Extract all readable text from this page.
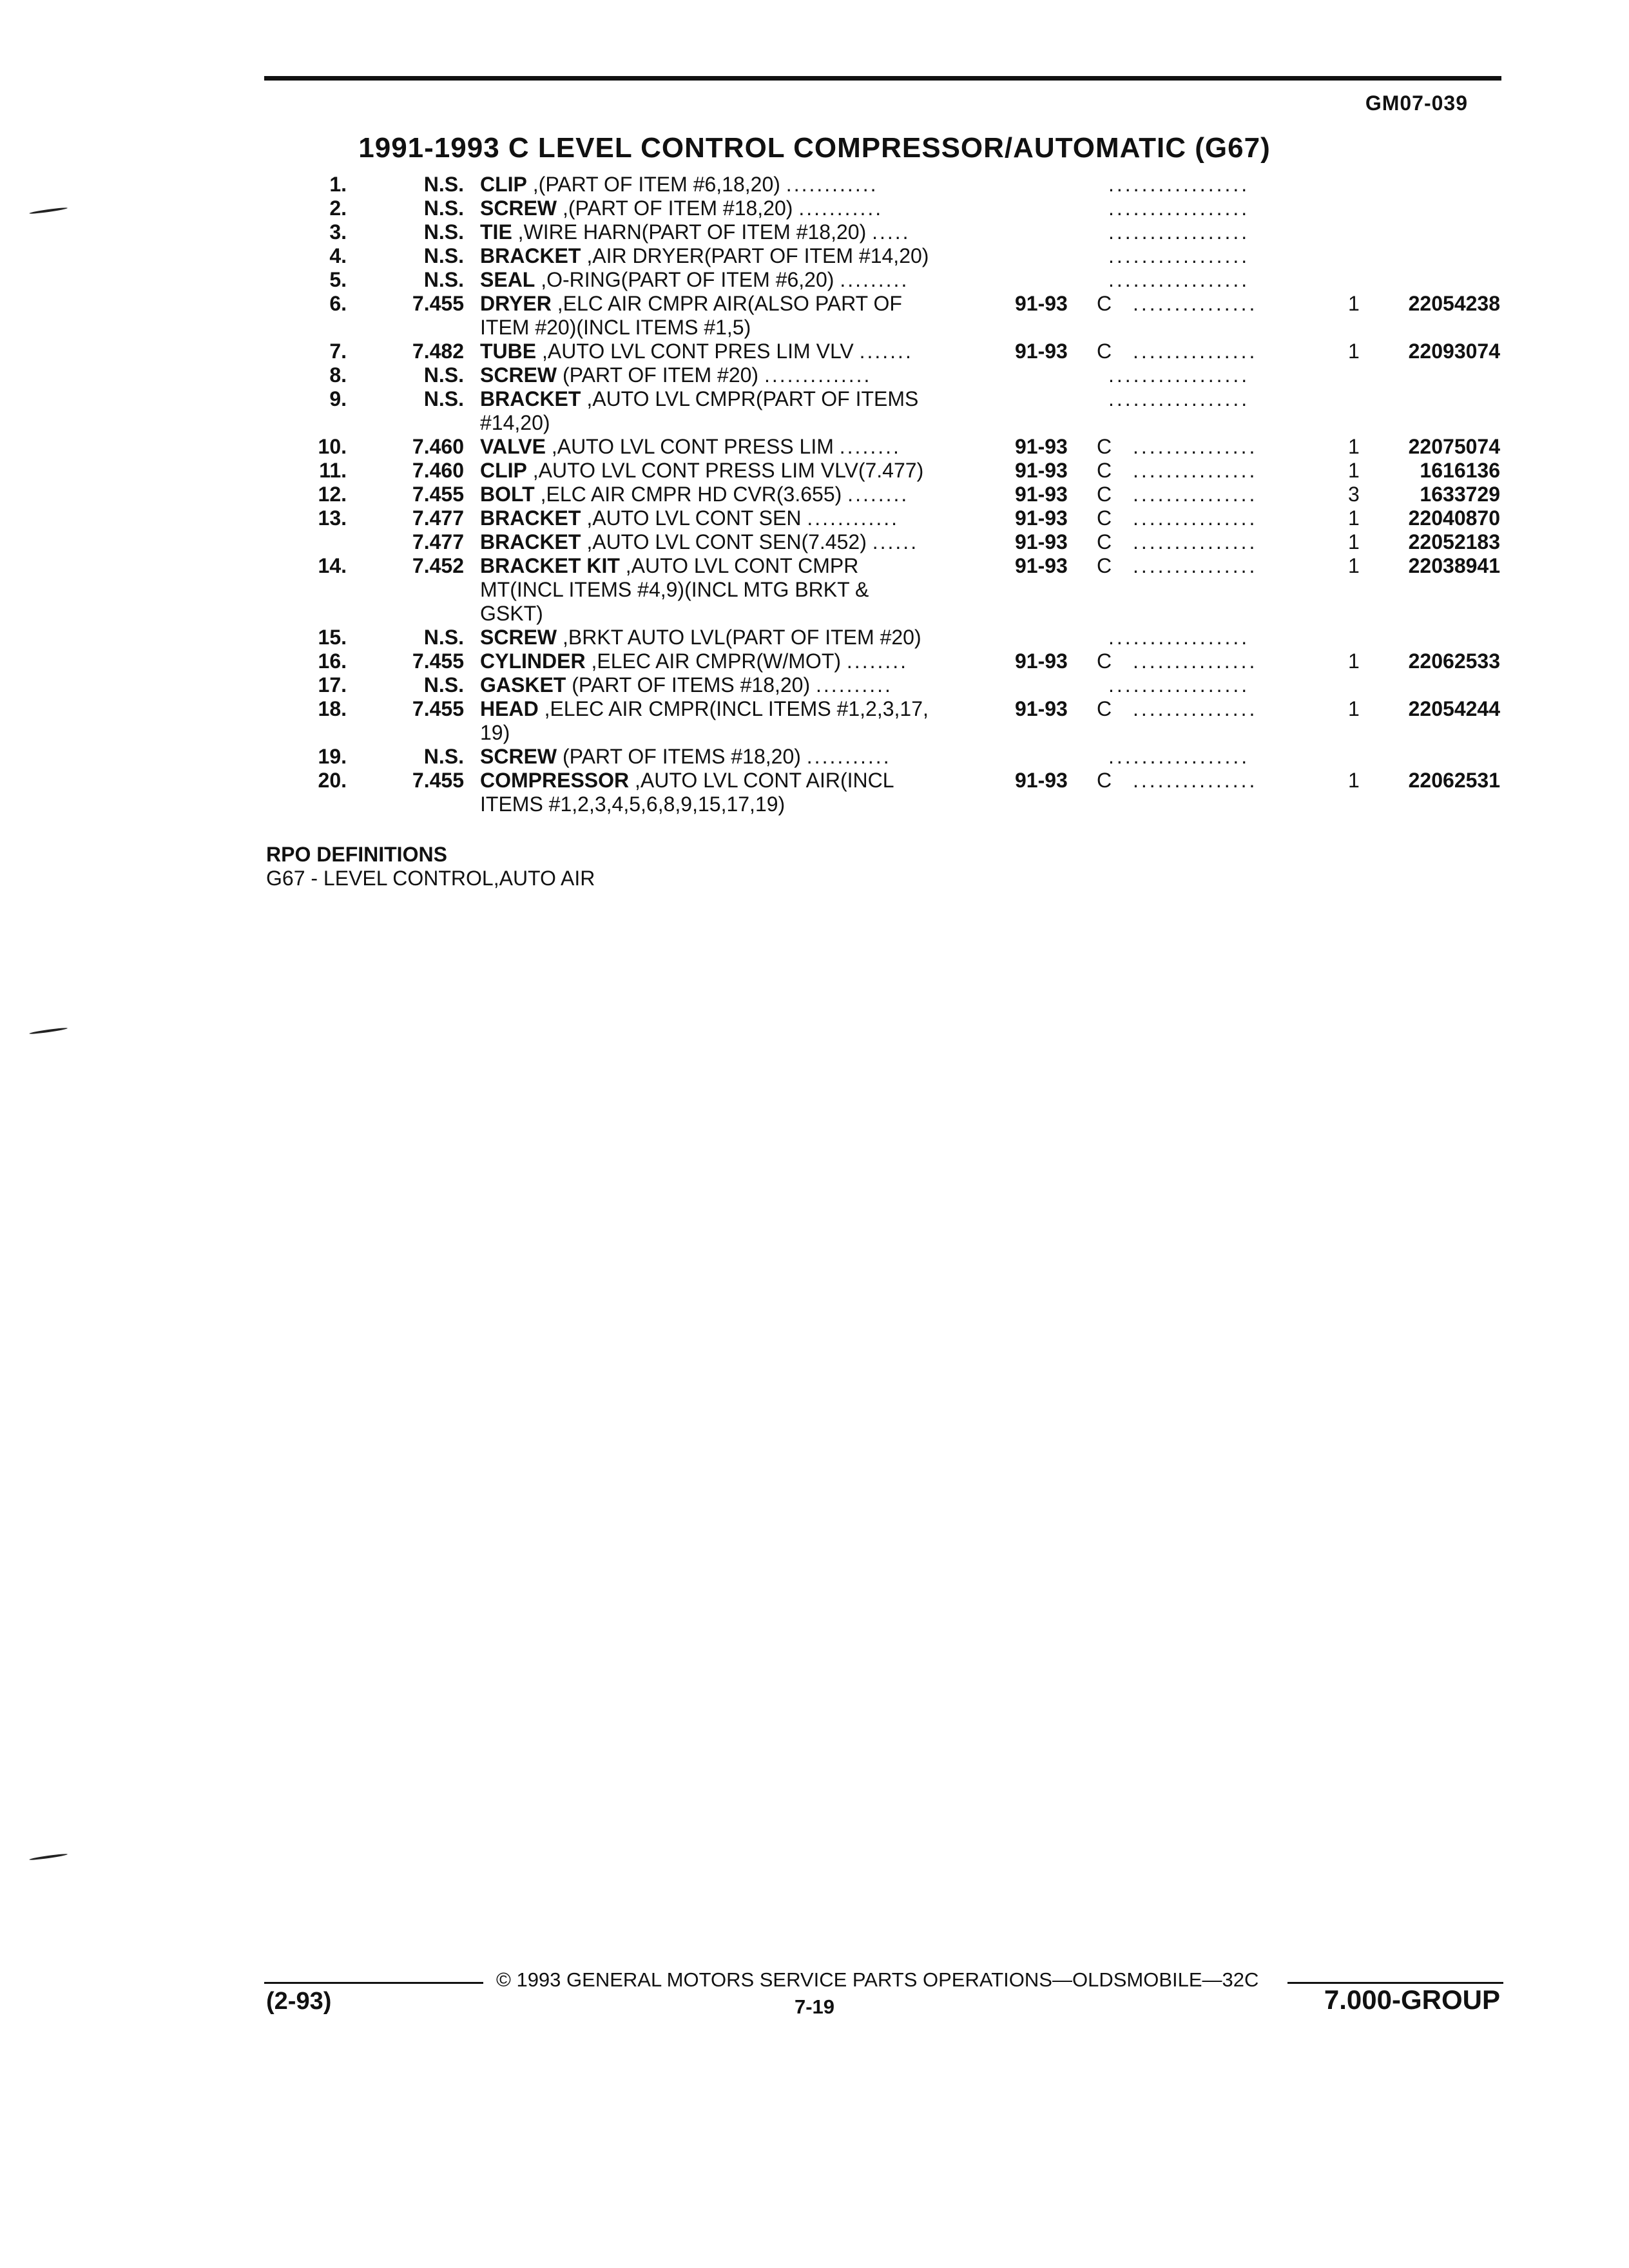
GM07-039
1991-1993 C LEVEL CONTROL COMPRESSOR/AUTOMATIC (G67)
1.	N.S. CLIP ,(PART OF ITEM #6,18,20) ............	.................
2.	N.S. SCREW ,(PART OF ITEM #18,20) ...........	.................
3.	N.S. TIE ,WIRE HARN(PART OF ITEM #18,20) .....	.................
4.	N.S. BRACKET ,AIR DRYER(PART OF ITEM #14,20)	.................
5.	N.S. SEAL ,O-RING(PART OF ITEM #6,20) .........	.................
6.	7.455 DRYER ,ELC AIR CMPR AIR(ALSO PART OF	91-93 C ...............	1 22054238
ITEM #20)(INCL ITEMS #1,5)
7.	7.482 TUBE ,AUTO LVL CONT PRES LIM VLV .......	91-93 C ...............	1 22093074
8.	N.S. SCREW (PART OF ITEM #20) ..............	.................
9.	N.S. BRACKET ,AUTO LVL CMPR(PART OF ITEMS	.................
#14,20)
10.	7.460 VALVE ,AUTO LVL CONT PRESS LIM ........	91-93 C ...............	1 22075074
11.	7.460 CLIP ,AUTO LVL CONT PRESS LIM VLV(7.477)	91-93 C ...............	1	1616136
12.	7.455 BOLT ,ELC AIR CMPR HD CVR(3.655) ........	91-93 C ...............	3	1633729
13.	7.477 BRACKET ,AUTO LVL CONT SEN ............	91-93 C ...............	1 22040870
7.477 BRACKET ,AUTO LVL CONT SEN(7.452) ......	91-93 C ...............	1 22052183
14.	7.452 BRACKET KIT ,AUTO LVL CONT CMPR	91-93 C ...............	1 22038941
MT(INCL ITEMS #4,9)(INCL MTG BRKT &
GSKT)
15.	N.S. SCREW ,BRKT AUTO LVL(PART OF ITEM #20)	.................
16.	7.455 CYLINDER ,ELEC AIR CMPR(W/MOT) ........	91-93 C ...............	1 22062533
17.	N.S. GASKET (PART OF ITEMS #18,20) ..........	.................
18.	7.455 HEAD ,ELEC AIR CMPR(INCL ITEMS #1,2,3,17,	91-93 C ...............	1 22054244
19)
19.	N.S. SCREW (PART OF ITEMS #18,20) ...........	.................
20.	7.455 COMPRESSOR ,AUTO LVL CONT AIR(INCL	91-93 C ...............	1 22062531
ITEMS #1,2,3,4,5,6,8,9,15,17,19)
RPO DEFINITIONS
G67 - LEVEL CONTROL,AUTO AIR
(2-93)
© 1993 GENERAL MOTORS SERVICE PARTS OPERATIONS—OLDSMOBILE—32C
7-19	7.000-GROUP
